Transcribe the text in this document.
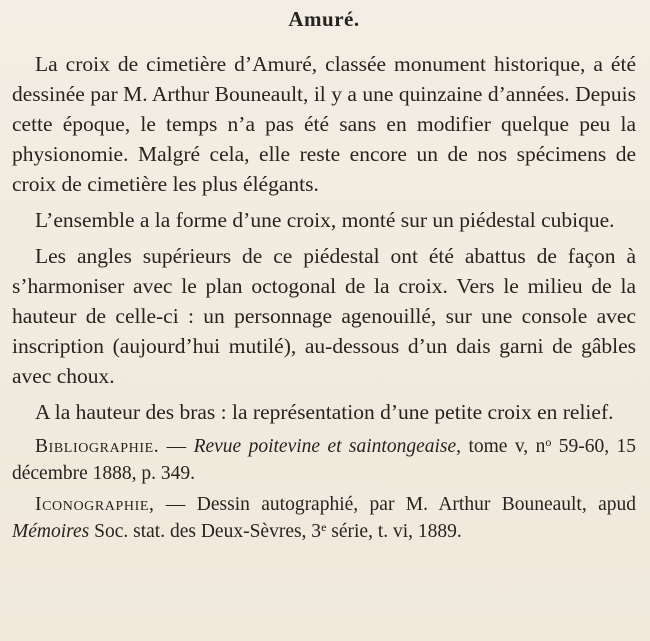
Amuré.

La croix de cimetière d’Amuré, classée monument historique, a été dessinée par M. Arthur Bouneault, il y a une quinzaine d’années. Depuis cette époque, le temps n’a pas été sans en modifier quelque peu la physionomie. Malgré cela, elle reste encore un de nos spécimens de croix de cimetière les plus élégants.

L’ensemble a la forme d’une croix, monté sur un piédestal cubique.

Les angles supérieurs de ce piédestal ont été abattus de façon à s’harmoniser avec le plan octogonal de la croix. Vers le milieu de la hauteur de celle-ci : un personnage agenouillé, sur une console avec inscription (aujourd’hui mutilé), au-dessous d’un dais garni de gâbles avec choux.

A la hauteur des bras : la représentation d’une petite croix en relief.

Bibliographie. — Revue poitevine et saintongeaise, tome v, $n^o$ 59-60, 15 décembre 1888, p. 349.

Iconographie, — Dessin autographié, par M. Arthur Bouneault, apud Mémoires Soc. stat. des Deux-Sèvres, 3e série, t. vi, 1889.
